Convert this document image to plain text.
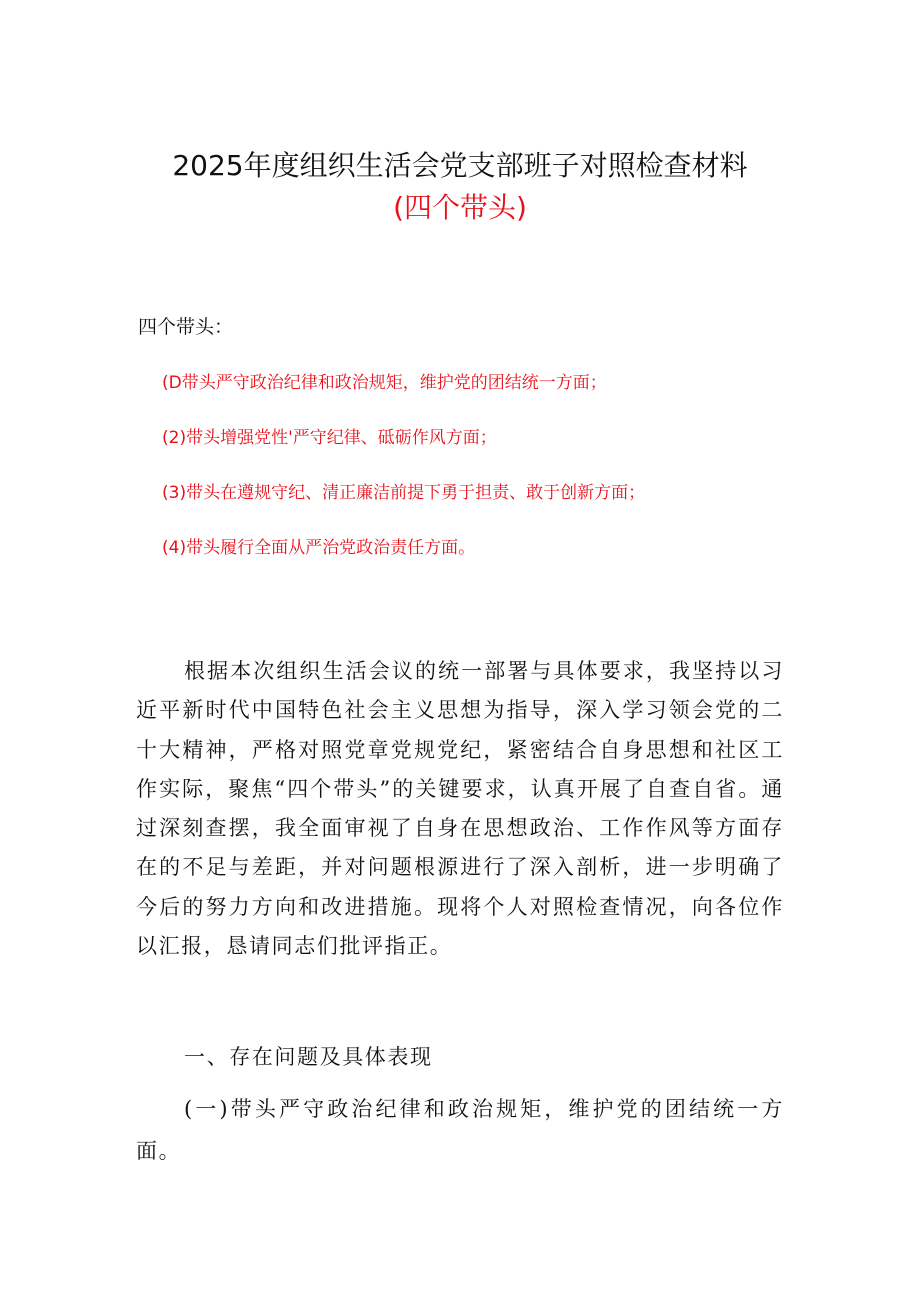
2025年度组织生活会党支部班子对照检查材料
(四个带头)
四个带头：
(D带头严守政治纪律和政治规矩，维护党的团结统一方面；
(2)带头增强党性'严守纪律、砥砺作风方面；
(3)带头在遵规守纪、清正廉洁前提下勇于担责、敢于创新方面；
(4)带头履行全面从严治党政治责任方面。

根据本次组织生活会议的统一部署与具体要求，我坚持以习近平新时代中国特色社会主义思想为指导，深入学习领会党的二十大精神，严格对照党章党规党纪，紧密结合自身思想和社区工作实际，聚焦“四个带头”的关键要求，认真开展了自查自省。通过深刻查摆，我全面审视了自身在思想政治、工作作风等方面存在的不足与差距，并对问题根源进行了深入剖析，进一步明确了今后的努力方向和改进措施。现将个人对照检查情况，向各位作以汇报，恳请同志们批评指正。

一、存在问题及具体表现

(一)带头严守政治纪律和政治规矩，维护党的团结统一方面。
